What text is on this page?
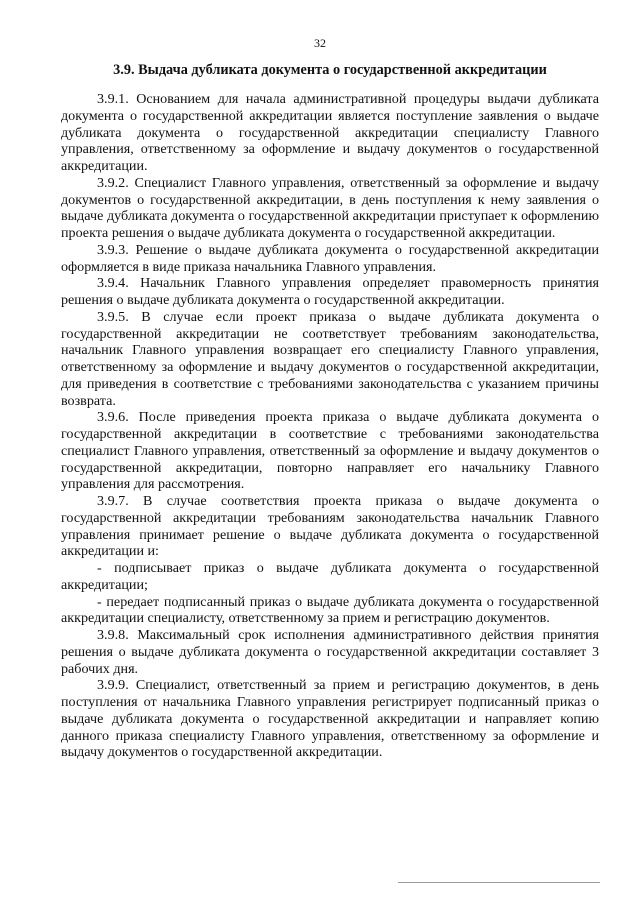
32
3.9. Выдача дубликата документа о государственной аккредитации

3.9.1. Основанием для начала административной процедуры выдачи дубликата документа о государственной аккредитации является поступление заявления о выдаче дубликата документа о государственной аккредитации специалисту Главного управления, ответственному за оформление и выдачу документов о государственной аккредитации.

3.9.2. Специалист Главного управления, ответственный за оформление и выдачу документов о государственной аккредитации, в день поступления к нему заявления о выдаче дубликата документа о государственной аккредитации приступает к оформлению проекта решения о выдаче дубликата документа о государственной аккредитации.

3.9.3. Решение о выдаче дубликата документа о государственной аккредитации оформляется в виде приказа начальника Главного управления.

3.9.4. Начальник Главного управления определяет правомерность принятия решения о выдаче дубликата документа о государственной аккредитации.

3.9.5. В случае если проект приказа о выдаче дубликата документа о государственной аккредитации не соответствует требованиям законодательства, начальник Главного управления возвращает его специалисту Главного управления, ответственному за оформление и выдачу документов о государственной аккредитации, для приведения в соответствие с требованиями законодательства с указанием причины возврата.

3.9.6. После приведения проекта приказа о выдаче дубликата документа о государственной аккредитации в соответствие с требованиями законодательства специалист Главного управления, ответственный за оформление и выдачу документов о государственной аккредитации, повторно направляет его начальнику Главного управления для рассмотрения.

3.9.7. В случае соответствия проекта приказа о выдаче документа о государственной аккредитации требованиям законодательства начальник Главного управления принимает решение о выдаче дубликата документа о государственной аккредитации и:

- подписывает приказ о выдаче дубликата документа о государственной аккредитации;

- передает подписанный приказ о выдаче дубликата документа о государственной аккредитации специалисту, ответственному за прием и регистрацию документов.

3.9.8. Максимальный срок исполнения административного действия принятия решения о выдаче дубликата документа о государственной аккредитации составляет 3 рабочих дня.

3.9.9. Специалист, ответственный за прием и регистрацию документов, в день поступления от начальника Главного управления регистрирует подписанный приказ о выдаче дубликата документа о государственной аккредитации и направляет копию данного приказа специалисту Главного управления, ответственному за оформление и выдачу документов о государственной аккредитации.
